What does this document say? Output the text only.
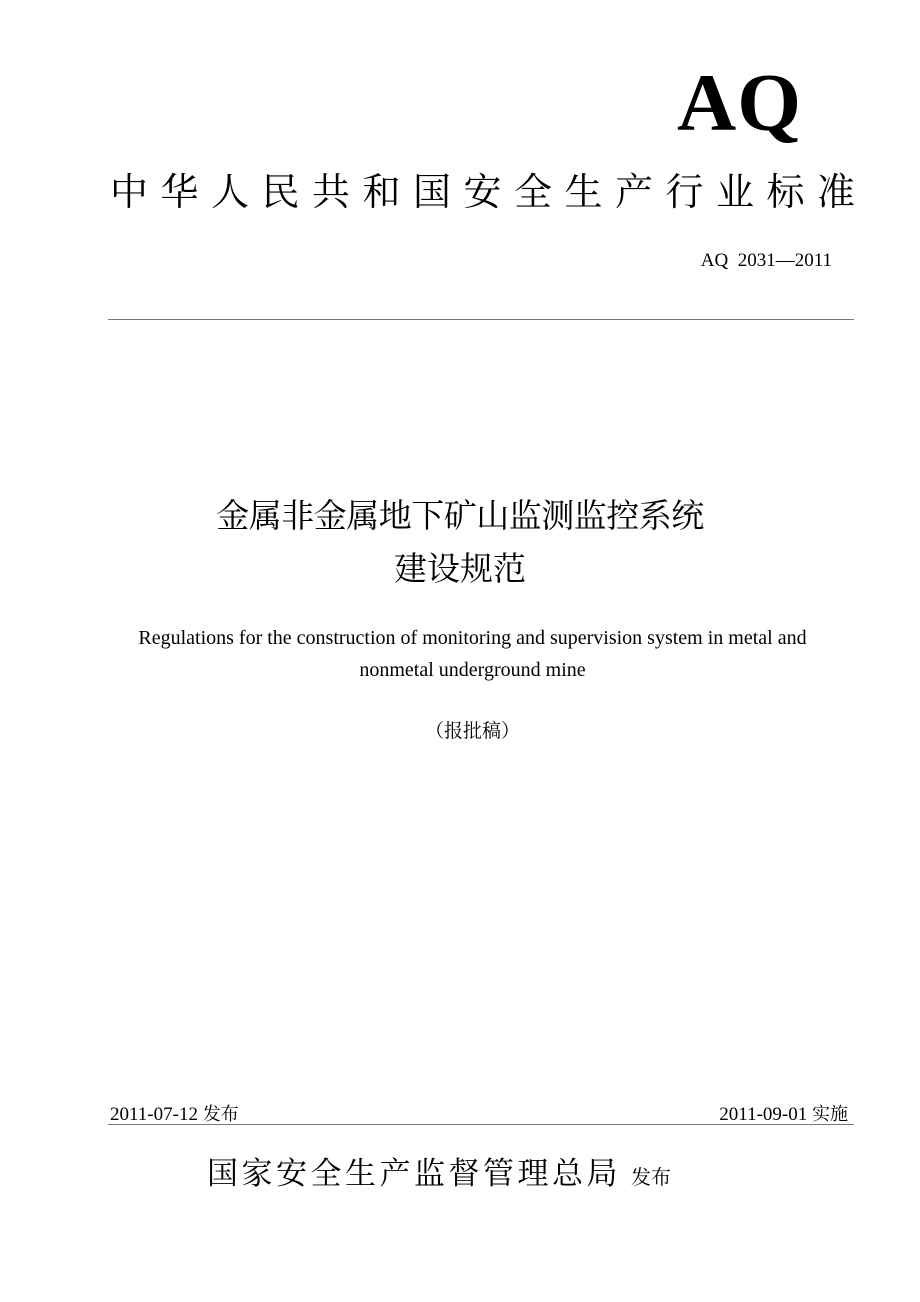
AQ
中华人民共和国安全生产行业标准
AQ  2031—2011
金属非金属地下矿山监测监控系统
建设规范
Regulations for the construction of monitoring and supervision system in metal and
nonmetal underground mine
（报批稿）
2011-07-12 发布	2011-09-01 实施
国家安全生产监督管理总局 发布
